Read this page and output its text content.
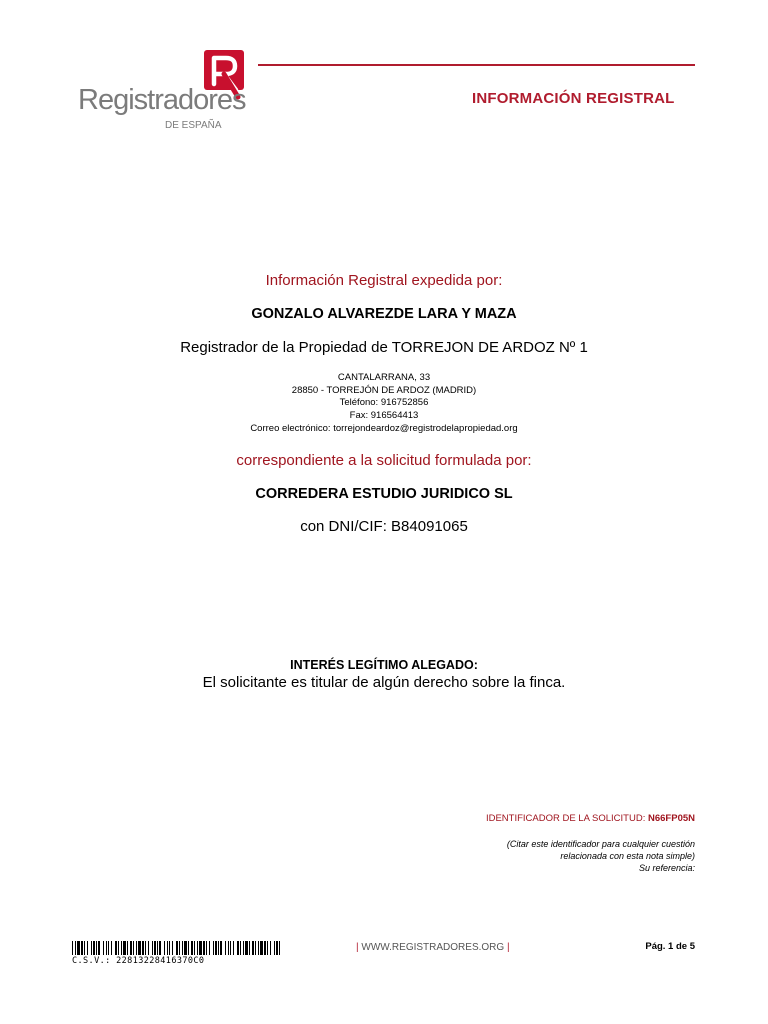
Registradores
DE ESPAÑA
INFORMACIÓN REGISTRAL
Información Registral expedida por:
GONZALO ALVAREZDE LARA Y MAZA
Registrador de la Propiedad de TORREJON DE ARDOZ Nº 1
CANTALARRANA, 33
28850 - TORREJÓN DE ARDOZ (MADRID)
Teléfono: 916752856
Fax: 916564413
Correo electrónico: torrejondeardoz@registrodelapropiedad.org
correspondiente a la solicitud formulada por:
CORREDERA ESTUDIO JURIDICO SL
con DNI/CIF: B84091065
INTERÉS LEGÍTIMO ALEGADO:
El solicitante es titular de algún derecho sobre la finca.
IDENTIFICADOR DE LA SOLICITUD: N66FP05N
(Citar este identificador para cualquier cuestión
relacionada con esta nota simple)
Su referencia:
C.S.V.: 22813228416370C0
| WWW.REGISTRADORES.ORG |	Pág. 1 de 5
